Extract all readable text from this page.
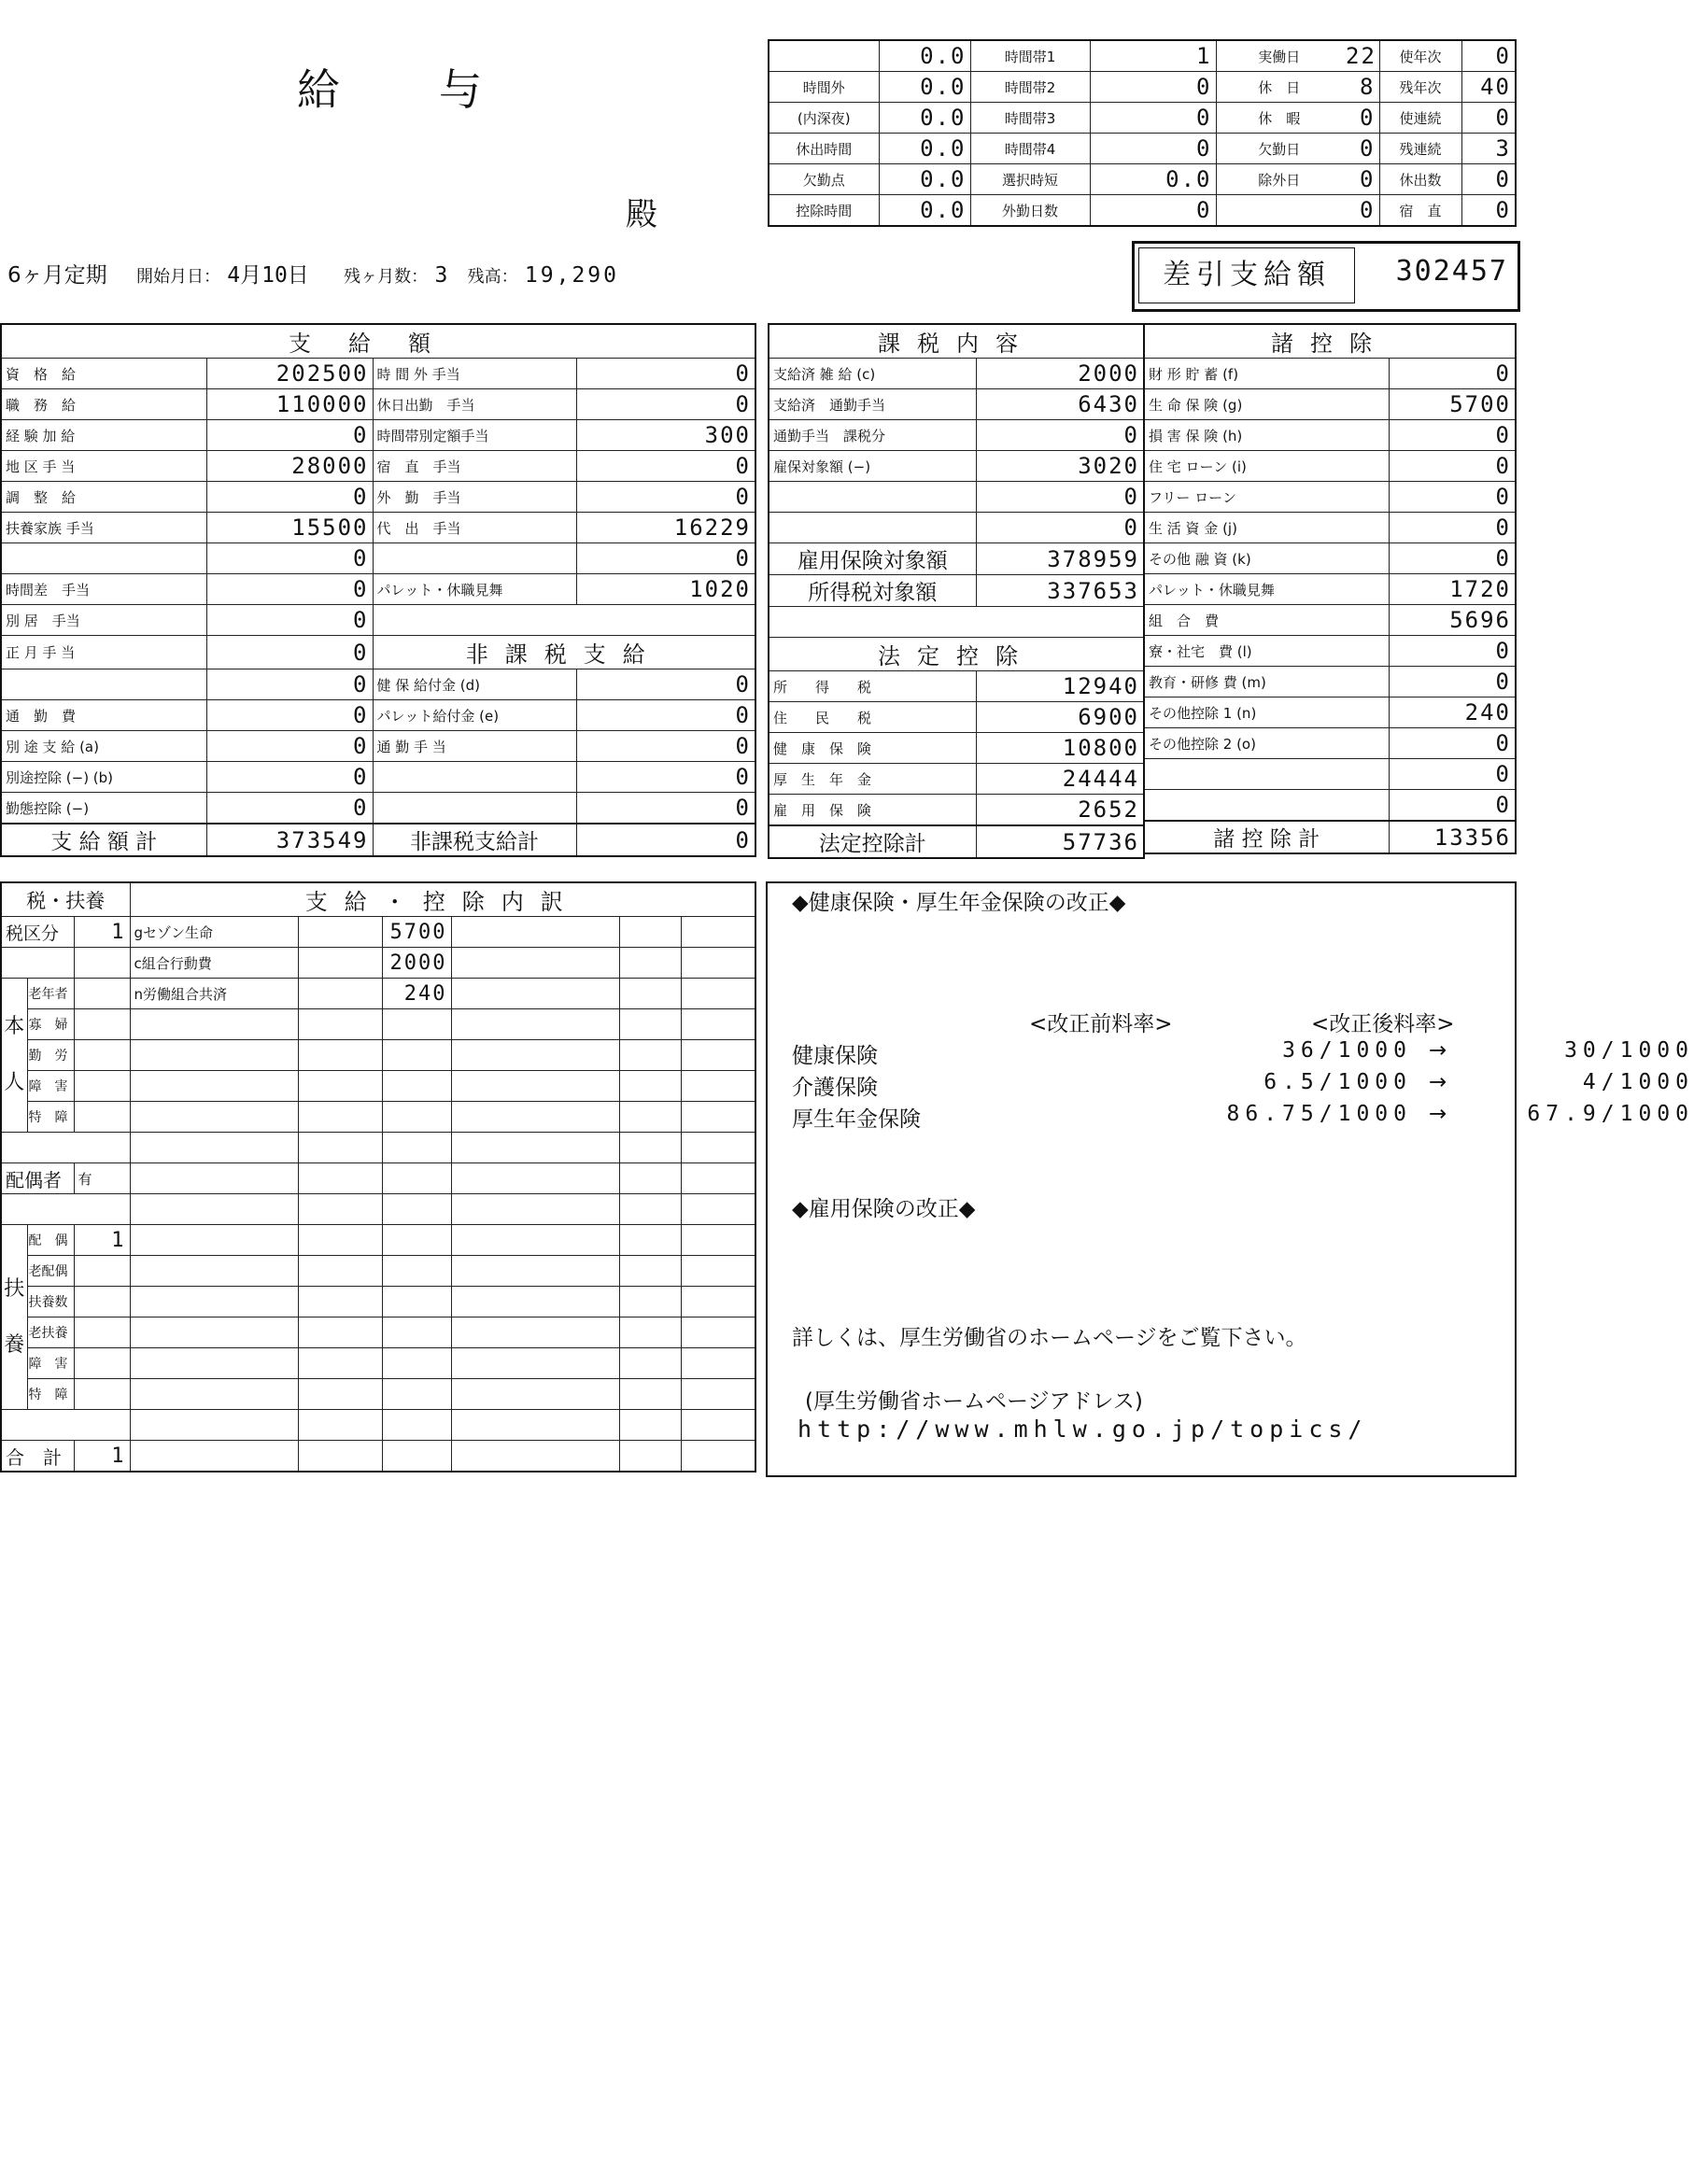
給 与
殿
6ヶ月定期 開始月日： 4月10日 残ヶ月数： 3 残高： 19,290
	0.0	時間帯1	1	実働日	22	使年次	0
時間外	0.0	時間帯2	0	休　日	8	残年次	40
(内深夜)	0.0	時間帯3	0	休　暇	0	使連続	0
休出時間	0.0	時間帯4	0	欠勤日	0	残連続	3
欠勤点	0.0	選択時短	0.0	除外日	0	休出数	0
控除時間	0.0	外勤日数	0		0	宿　直	0
差引支給額	302457
支給額			
資　格　給	202500	時 間 外 手当	0
職　務　給	110000	休日出勤　手当	0
経 験 加 給	0	時間帯別定額手当	300
地 区 手 当	28000	宿　直　手当	0
調　整　給	0	外　勤　手当	0
扶養家族 手当	15500	代　出　手当	16229
	0		0
時間差　手当	0	パレット・休職見舞	1020
別 居　手当	0		
正 月 手 当	0	非課税支給	
	0	健 保 給付金 (d)	0
通　勤　費	0	パレット給付金 (e)	0
別 途 支 給 (a)	0	通 勤 手 当	0
別途控除 (−) (b)	0		0
勤態控除 (−)	0		0
支 給 額 計	373549	非課税支給計	0
課税内容	
支給済 雑 給 (c)	2000
支給済　通勤手当	6430
通勤手当　課税分	0
雇保対象額 (−)	3020
	0
	0
雇用保険対象額	378959
所得税対象額	337653

法定控除	
所　　得　　税	12940
住　　民　　税	6900
健　康　保　険	10800
厚　生　年　金	24444
雇　用　保　険	2652
法定控除計	57736
諸控除	
財 形 貯 蓄 (f)	0
生 命 保 険 (g)	5700
損 害 保 険 (h)	0
住 宅 ローン (i)	0
フリー ローン	0
生 活 資 金 (j)	0
その他 融 資 (k)	0
パレット・休職見舞	1720
組　合　費	5696
寮・社宅　費 (l)	0
教育・研修 費 (m)	0
その他控除 1 (n)	240
その他控除 2 (o)	0
	0
	0
諸 控 除 計	13356
税・扶養			支給・控除内訳					
税区分		1	gセゾン生命		5700			
			c組合行動費		2000			
本人	老年者		n労働組合共済		240			
	寡　婦							
	勤　労							
	障　害							
	特　障							

配偶者		有						

扶養	配　偶	1						
	老配偶							
	扶養数							
	老扶養							
	障　害							
	特　障							

合　計		1						
◆健康保険・厚生年金保険の改正◆
<改正前料率>	<改正後料率>
健康保険	36/1000 →	30/1000
介護保険	6.5/1000 →	4/1000
厚生年金保険	86.75/1000 →	67.9/1000
◆雇用保険の改正◆
詳しくは、厚生労働省のホームページをご覧下さい。
(厚生労働省ホームページアドレス)
http://www.mhlw.go.jp/topics/
